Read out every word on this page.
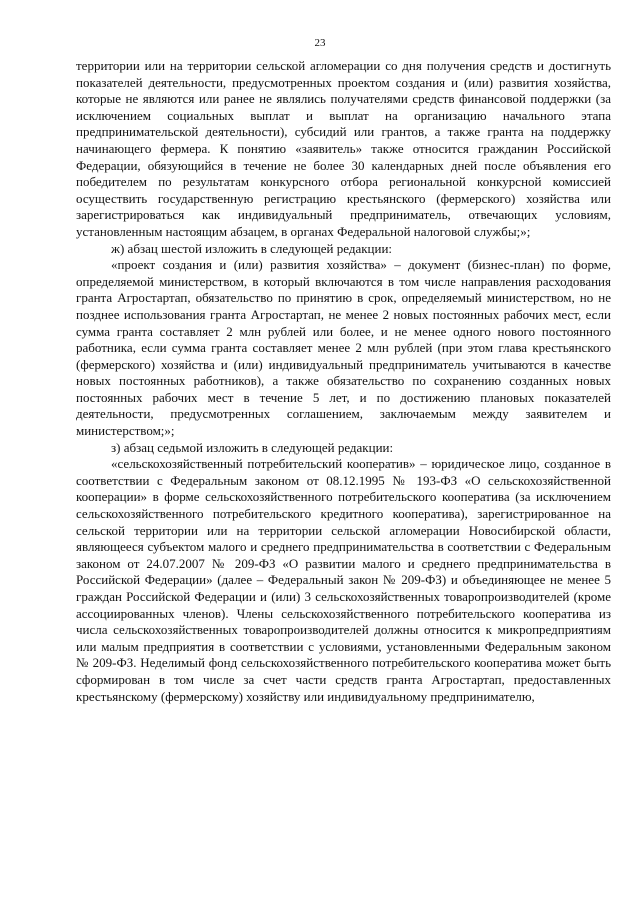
23

территории или на территории сельской агломерации со дня получения средств и достигнуть показателей деятельности, предусмотренных проектом создания и (или) развития хозяйства, которые не являются или ранее не являлись получателями средств финансовой поддержки (за исключением социальных выплат и выплат на организацию начального этапа предпринимательской деятельности), субсидий или грантов, а также гранта на поддержку начинающего фермера. К понятию «заявитель» также относится гражданин Российской Федерации, обязующийся в течение не более 30 календарных дней после объявления его победителем по результатам конкурсного отбора региональной конкурсной комиссией осуществить государственную регистрацию крестьянского (фермерского) хозяйства или зарегистрироваться как индивидуальный предприниматель, отвечающих условиям, установленным настоящим абзацем, в органах Федеральной налоговой службы;»;

ж) абзац шестой изложить в следующей редакции:

«проект создания и (или) развития хозяйства» – документ (бизнес-план) по форме, определяемой министерством, в который включаются в том числе направления расходования гранта Агростартап, обязательство по принятию в срок, определяемый министерством, но не позднее использования гранта Агростартап, не менее 2 новых постоянных рабочих мест, если сумма гранта составляет 2 млн рублей или более, и не менее одного нового постоянного работника, если сумма гранта составляет менее 2 млн рублей (при этом глава крестьянского (фермерского) хозяйства и (или) индивидуальный предприниматель учитываются в качестве новых постоянных работников), а также обязательство по сохранению созданных новых постоянных рабочих мест в течение 5 лет, и по достижению плановых показателей деятельности, предусмотренных соглашением, заключаемым между заявителем и министерством;»;

з) абзац седьмой изложить в следующей редакции:

«сельскохозяйственный потребительский кооператив» – юридическое лицо, созданное в соответствии с Федеральным законом от 08.12.1995 № 193-ФЗ «О сельскохозяйственной кооперации» в форме сельскохозяйственного потребительского кооператива (за исключением сельскохозяйственного потребительского кредитного кооператива), зарегистрированное на сельской территории или на территории сельской агломерации Новосибирской области, являющееся субъектом малого и среднего предпринимательства в соответствии с Федеральным законом от 24.07.2007 № 209-ФЗ «О развитии малого и среднего предпринимательства в Российской Федерации» (далее – Федеральный закон № 209-ФЗ) и объединяющее не менее 5 граждан Российской Федерации и (или) 3 сельскохозяйственных товаропроизводителей (кроме ассоциированных членов). Члены сельскохозяйственного потребительского кооператива из числа сельскохозяйственных товаропроизводителей должны относится к микропредприятиям или малым предприятия в соответствии с условиями, установленными Федеральным законом № 209-ФЗ. Неделимый фонд сельскохозяйственного потребительского кооператива может быть сформирован в том числе за счет части средств гранта Агростартап, предоставленных крестьянскому (фермерскому) хозяйству или индивидуальному предпринимателю,
